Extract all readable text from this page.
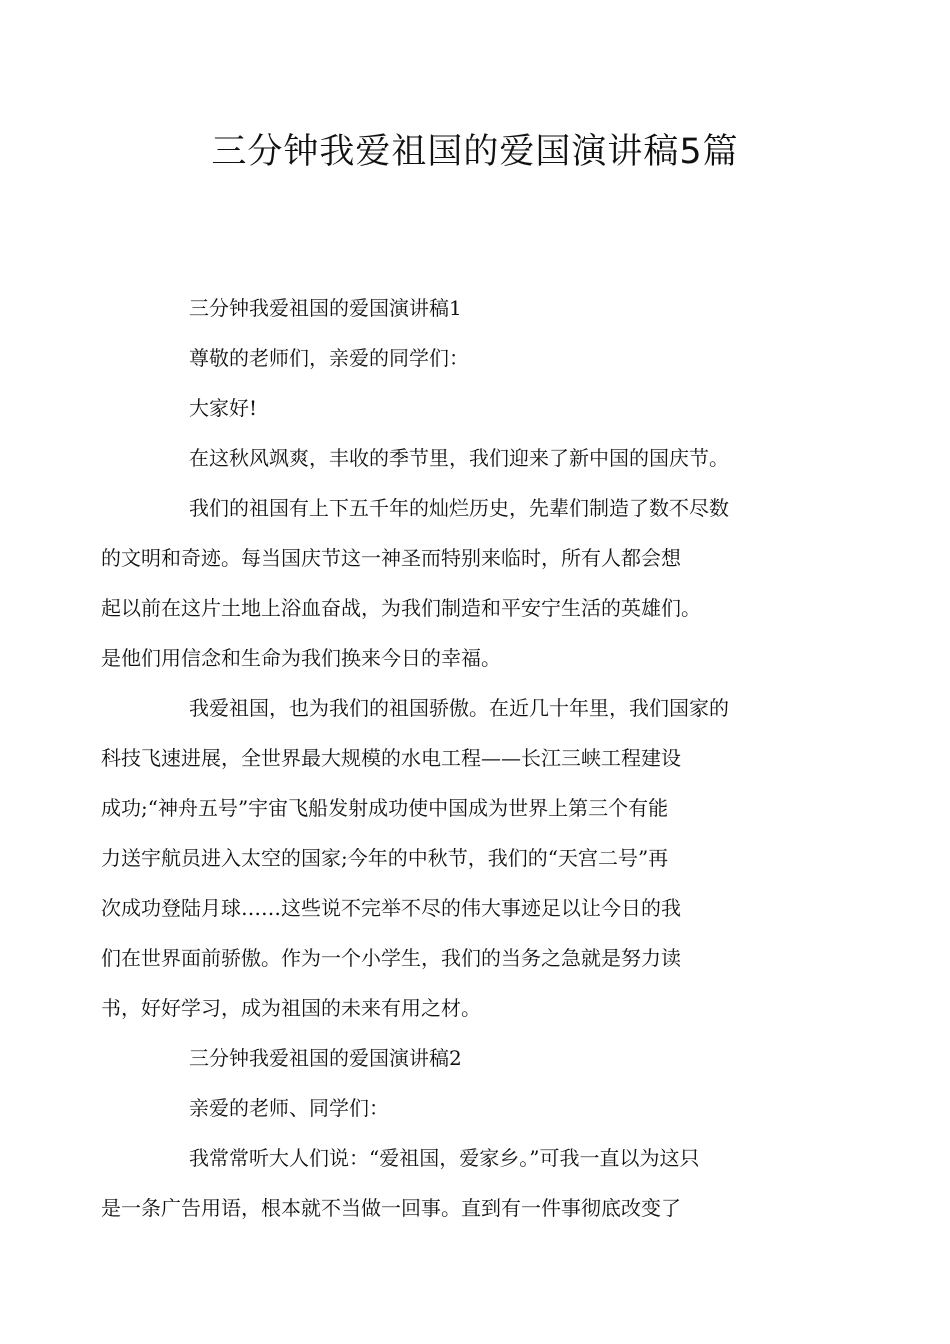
三分钟我爱祖国的爱国演讲稿5篇

三分钟我爱祖国的爱国演讲稿1

尊敬的老师们，亲爱的同学们：

大家好!

在这秋风飒爽，丰收的季节里，我们迎来了新中国的国庆节。

我们的祖国有上下五千年的灿烂历史，先辈们制造了数不尽数
的文明和奇迹。每当国庆节这一神圣而特别来临时，所有人都会想
起以前在这片土地上浴血奋战，为我们制造和平安宁生活的英雄们。
是他们用信念和生命为我们换来今日的幸福。

我爱祖国，也为我们的祖国骄傲。在近几十年里，我们国家的
科技飞速进展，全世界最大规模的水电工程——长江三峡工程建设
成功;“神舟五号”宇宙飞船发射成功使中国成为世界上第三个有能
力送宇航员进入太空的国家;今年的中秋节，我们的“天宫二号”再
次成功登陆月球……这些说不完举不尽的伟大事迹足以让今日的我
们在世界面前骄傲。作为一个小学生，我们的当务之急就是努力读
书，好好学习，成为祖国的未来有用之材。

三分钟我爱祖国的爱国演讲稿2

亲爱的老师、同学们：

我常常听大人们说：“爱祖国，爱家乡。”可我一直以为这只
是一条广告用语，根本就不当做一回事。直到有一件事彻底改变了
